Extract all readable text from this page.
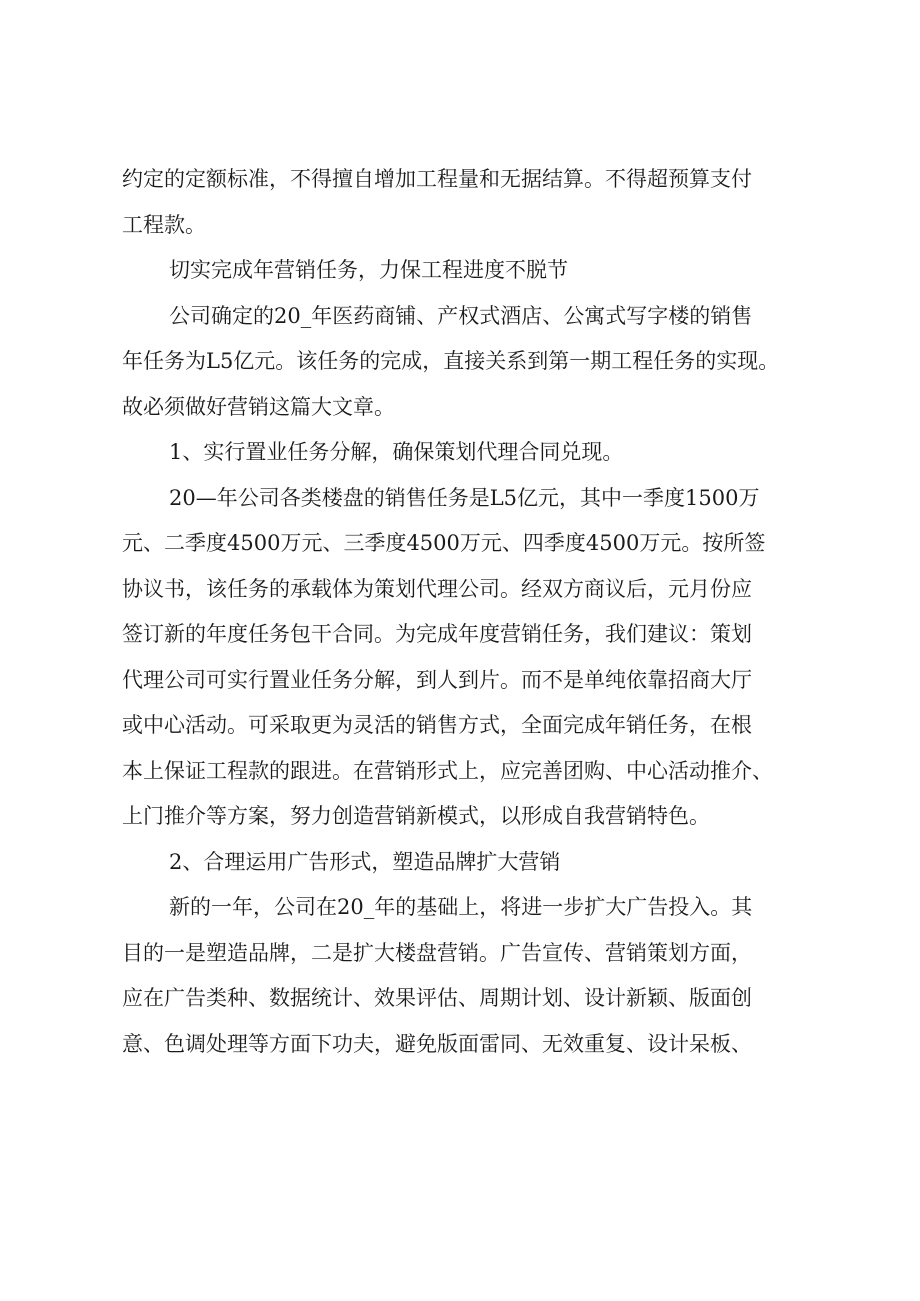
约定的定额标准，不得擅自增加工程量和无据结算。不得超预算支付
工程款。
切实完成年营销任务，力保工程进度不脱节
公司确定的20_年医药商铺、产权式酒店、公寓式写字楼的销售
年任务为L5亿元。该任务的完成，直接关系到第一期工程任务的实现。
故必须做好营销这篇大文章。
1、实行置业任务分解，确保策划代理合同兑现。
20—年公司各类楼盘的销售任务是L5亿元，其中一季度1500万
元、二季度4500万元、三季度4500万元、四季度4500万元。按所签
协议书，该任务的承载体为策划代理公司。经双方商议后，元月份应
签订新的年度任务包干合同。为完成年度营销任务，我们建议：策划
代理公司可实行置业任务分解，到人到片。而不是单纯依靠招商大厅
或中心活动。可采取更为灵活的销售方式，全面完成年销任务，在根
本上保证工程款的跟进。在营销形式上，应完善团购、中心活动推介、
上门推介等方案，努力创造营销新模式，以形成自我营销特色。
2、合理运用广告形式，塑造品牌扩大营销
新的一年，公司在20_年的基础上，将进一步扩大广告投入。其
目的一是塑造品牌，二是扩大楼盘营销。广告宣传、营销策划方面，
应在广告类种、数据统计、效果评估、周期计划、设计新颖、版面创
意、色调处理等方面下功夫，避免版面雷同、无效重复、设计呆板、
